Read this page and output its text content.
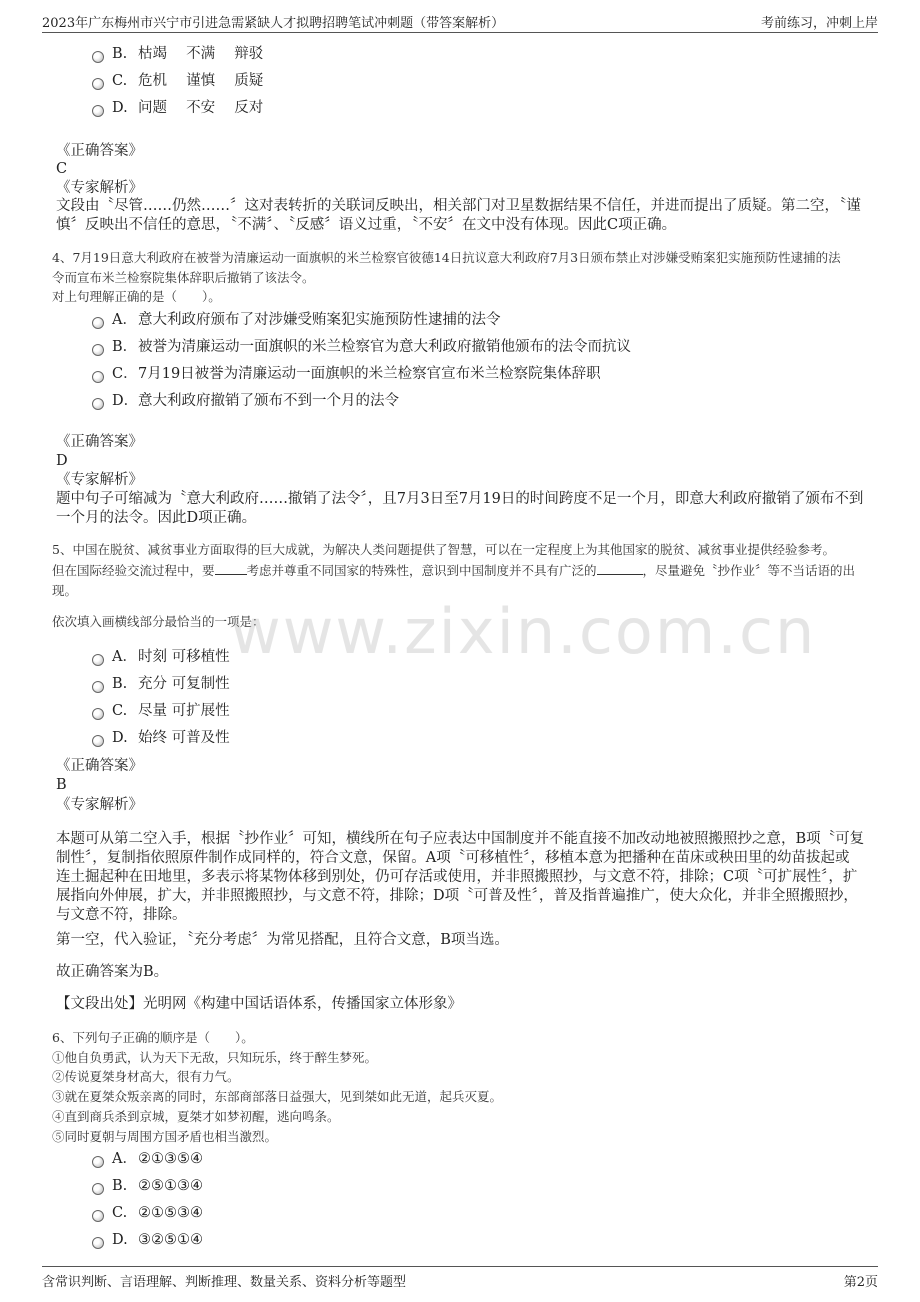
2023年广东梅州市兴宁市引进急需紧缺人才拟聘招聘笔试冲刺题（带答案解析）	考前练习，冲刺上岸
B. 枯竭　 不满　 辩驳
C. 危机　 谨慎　 质疑
D. 问题　 不安　 反对
《正确答案》
C
《专家解析》
文段由〝尽管……仍然……〞这对表转折的关联词反映出，相关部门对卫星数据结果不信任，并进而提出了质疑。第二空，〝谨
慎〞反映出不信任的意思，〝不满〞、〝反感〞语义过重，〝不安〞在文中没有体现。因此C项正确。
4、7月19日意大利政府在被誉为清廉运动一面旗帜的米兰检察官彼德14日抗议意大利政府7月3日颁布禁止对涉嫌受贿案犯实施预防性逮捕的法
令而宣布米兰检察院集体辞职后撤销了该法令。
对上句理解正确的是（　　）。
A．意大利政府颁布了对涉嫌受贿案犯实施预防性逮捕的法令
B．被誉为清廉运动一面旗帜的米兰检察官为意大利政府撤销他颁布的法令而抗议
C．7月19日被誉为清廉运动一面旗帜的米兰检察官宣布米兰检察院集体辞职
D．意大利政府撤销了颁布不到一个月的法令
《正确答案》
D
《专家解析》
题中句子可缩减为〝意大利政府……撤销了法令〞，且7月3日至7月19日的时间跨度不足一个月，即意大利政府撤销了颁布不到
一个月的法令。因此D项正确。
5、中国在脱贫、减贫事业方面取得的巨大成就，为解决人类问题提供了智慧，可以在一定程度上为其他国家的脱贫、减贫事业提供经验参考。
但在国际经验交流过程中，要	考虑并尊重不同国家的特殊性，意识到中国制度并不具有广泛的	，尽量避免〝抄作业〞等不当话语的出
现。
依次填入画横线部分最恰当的一项是：
www.zixin.com.cn
A．时刻 可移植性
B. 充分 可复制性
C. 尽量 可扩展性
D. 始终 可普及性
《正确答案》
B
《专家解析》
本题可从第二空入手，根据〝抄作业〞可知，横线所在句子应表达中国制度并不能直接不加改动地被照搬照抄之意，B项〝可复
制性〞，复制指依照原件制作成同样的，符合文意，保留。A项〝可移植性〞，移植本意为把播种在苗床或秧田里的幼苗拔起或
连土掘起种在田地里，多表示将某物体移到别处，仍可存活或使用，并非照搬照抄，与文意不符，排除；C项〝可扩展性〞，扩
展指向外伸展，扩大，并非照搬照抄，与文意不符，排除；D项〝可普及性〞，普及指普遍推广，使大众化，并非全照搬照抄，
与文意不符，排除。
第一空，代入验证，〝充分考虑〞为常见搭配，且符合文意，B项当选。
故正确答案为B。
【文段出处】光明网《构建中国话语体系，传播国家立体形象》
6、下列句子正确的顺序是（　　）。
①他自负勇武，认为天下无敌，只知玩乐，终于醉生梦死。
②传说夏桀身材高大，很有力气。
③就在夏桀众叛亲离的同时，东部商部落日益强大，见到桀如此无道，起兵灭夏。
④直到商兵杀到京城，夏桀才如梦初醒，逃向鸣条。
⑤同时夏朝与周围方国矛盾也相当激烈。
A．②①③⑤④
B. ②⑤①③④
C. ②①⑤③④
D. ③②⑤①④
含常识判断、言语理解、判断推理、数量关系、资料分析等题型	第2页
